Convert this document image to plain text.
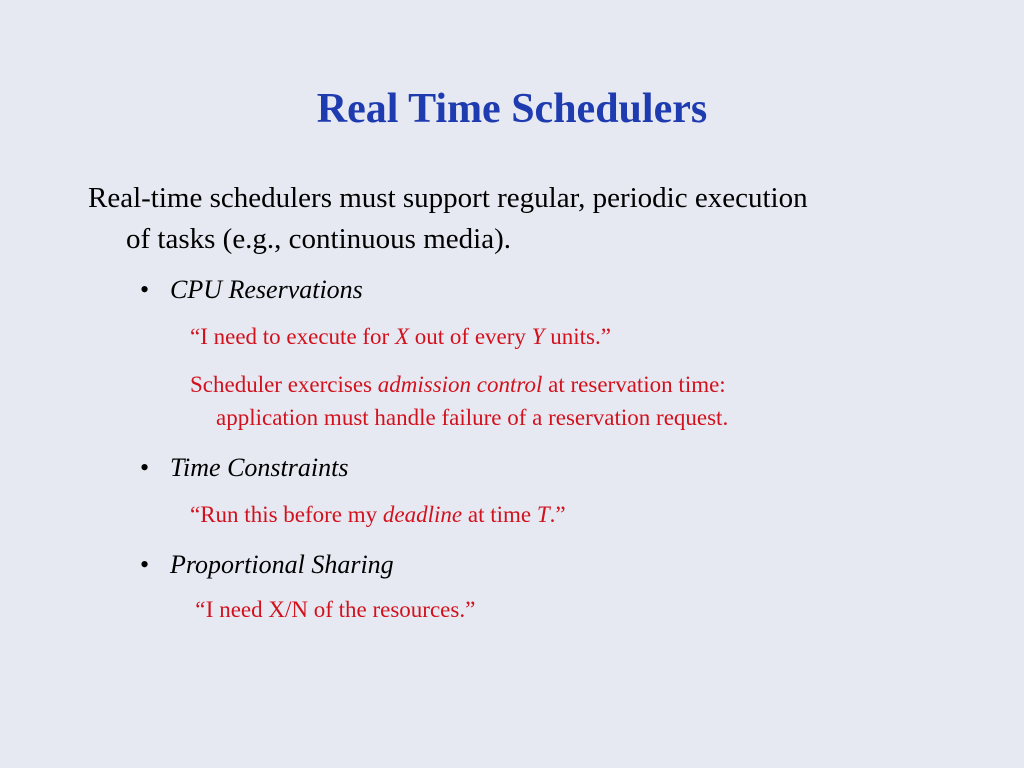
Real Time Schedulers
Real-time schedulers must support regular, periodic execution
of tasks (e.g., continuous media).
• CPU Reservations
“I need to execute for X out of every Y units.”
Scheduler exercises admission control at reservation time:
application must handle failure of a reservation request.
• Time Constraints
“Run this before my deadline at time T.”
• Proportional Sharing
“I need X/N of the resources.”
